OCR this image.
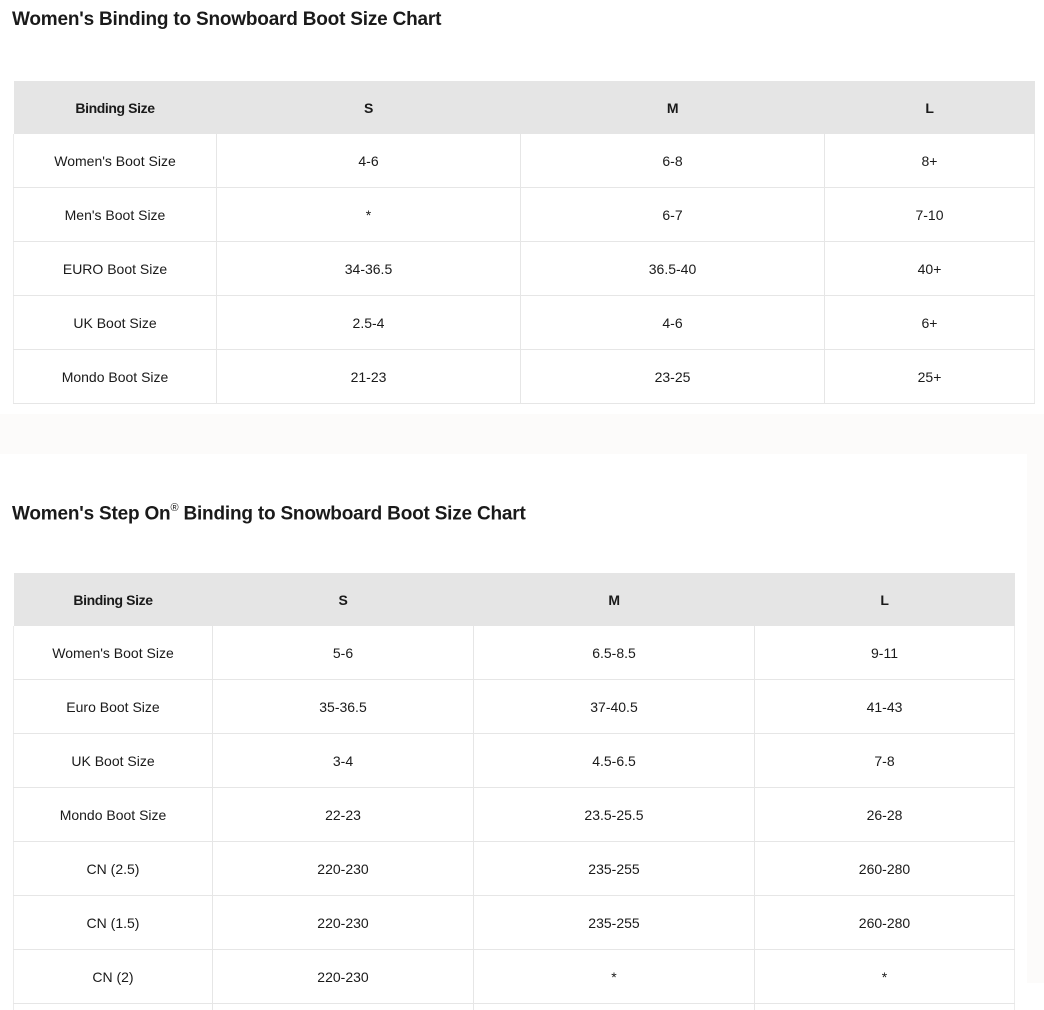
Women's Binding to Snowboard Boot Size Chart
Binding Size	S	M	L
Women's Boot Size	4-6	6-8	8+
Men's Boot Size	*	6-7	7-10
EURO Boot Size	34-36.5	36.5-40	40+
UK Boot Size	2.5-4	4-6	6+
Mondo Boot Size	21-23	23-25	25+
Women's Step On® Binding to Snowboard Boot Size Chart
Binding Size	S	M	L
Women's Boot Size	5-6	6.5-8.5	9-11
Euro Boot Size	35-36.5	37-40.5	41-43
UK Boot Size	3-4	4.5-6.5	7-8
Mondo Boot Size	22-23	23.5-25.5	26-28
CN (2.5)	220-230	235-255	260-280
CN (1.5)	220-230	235-255	260-280
CN (2)	220-230	*	*
